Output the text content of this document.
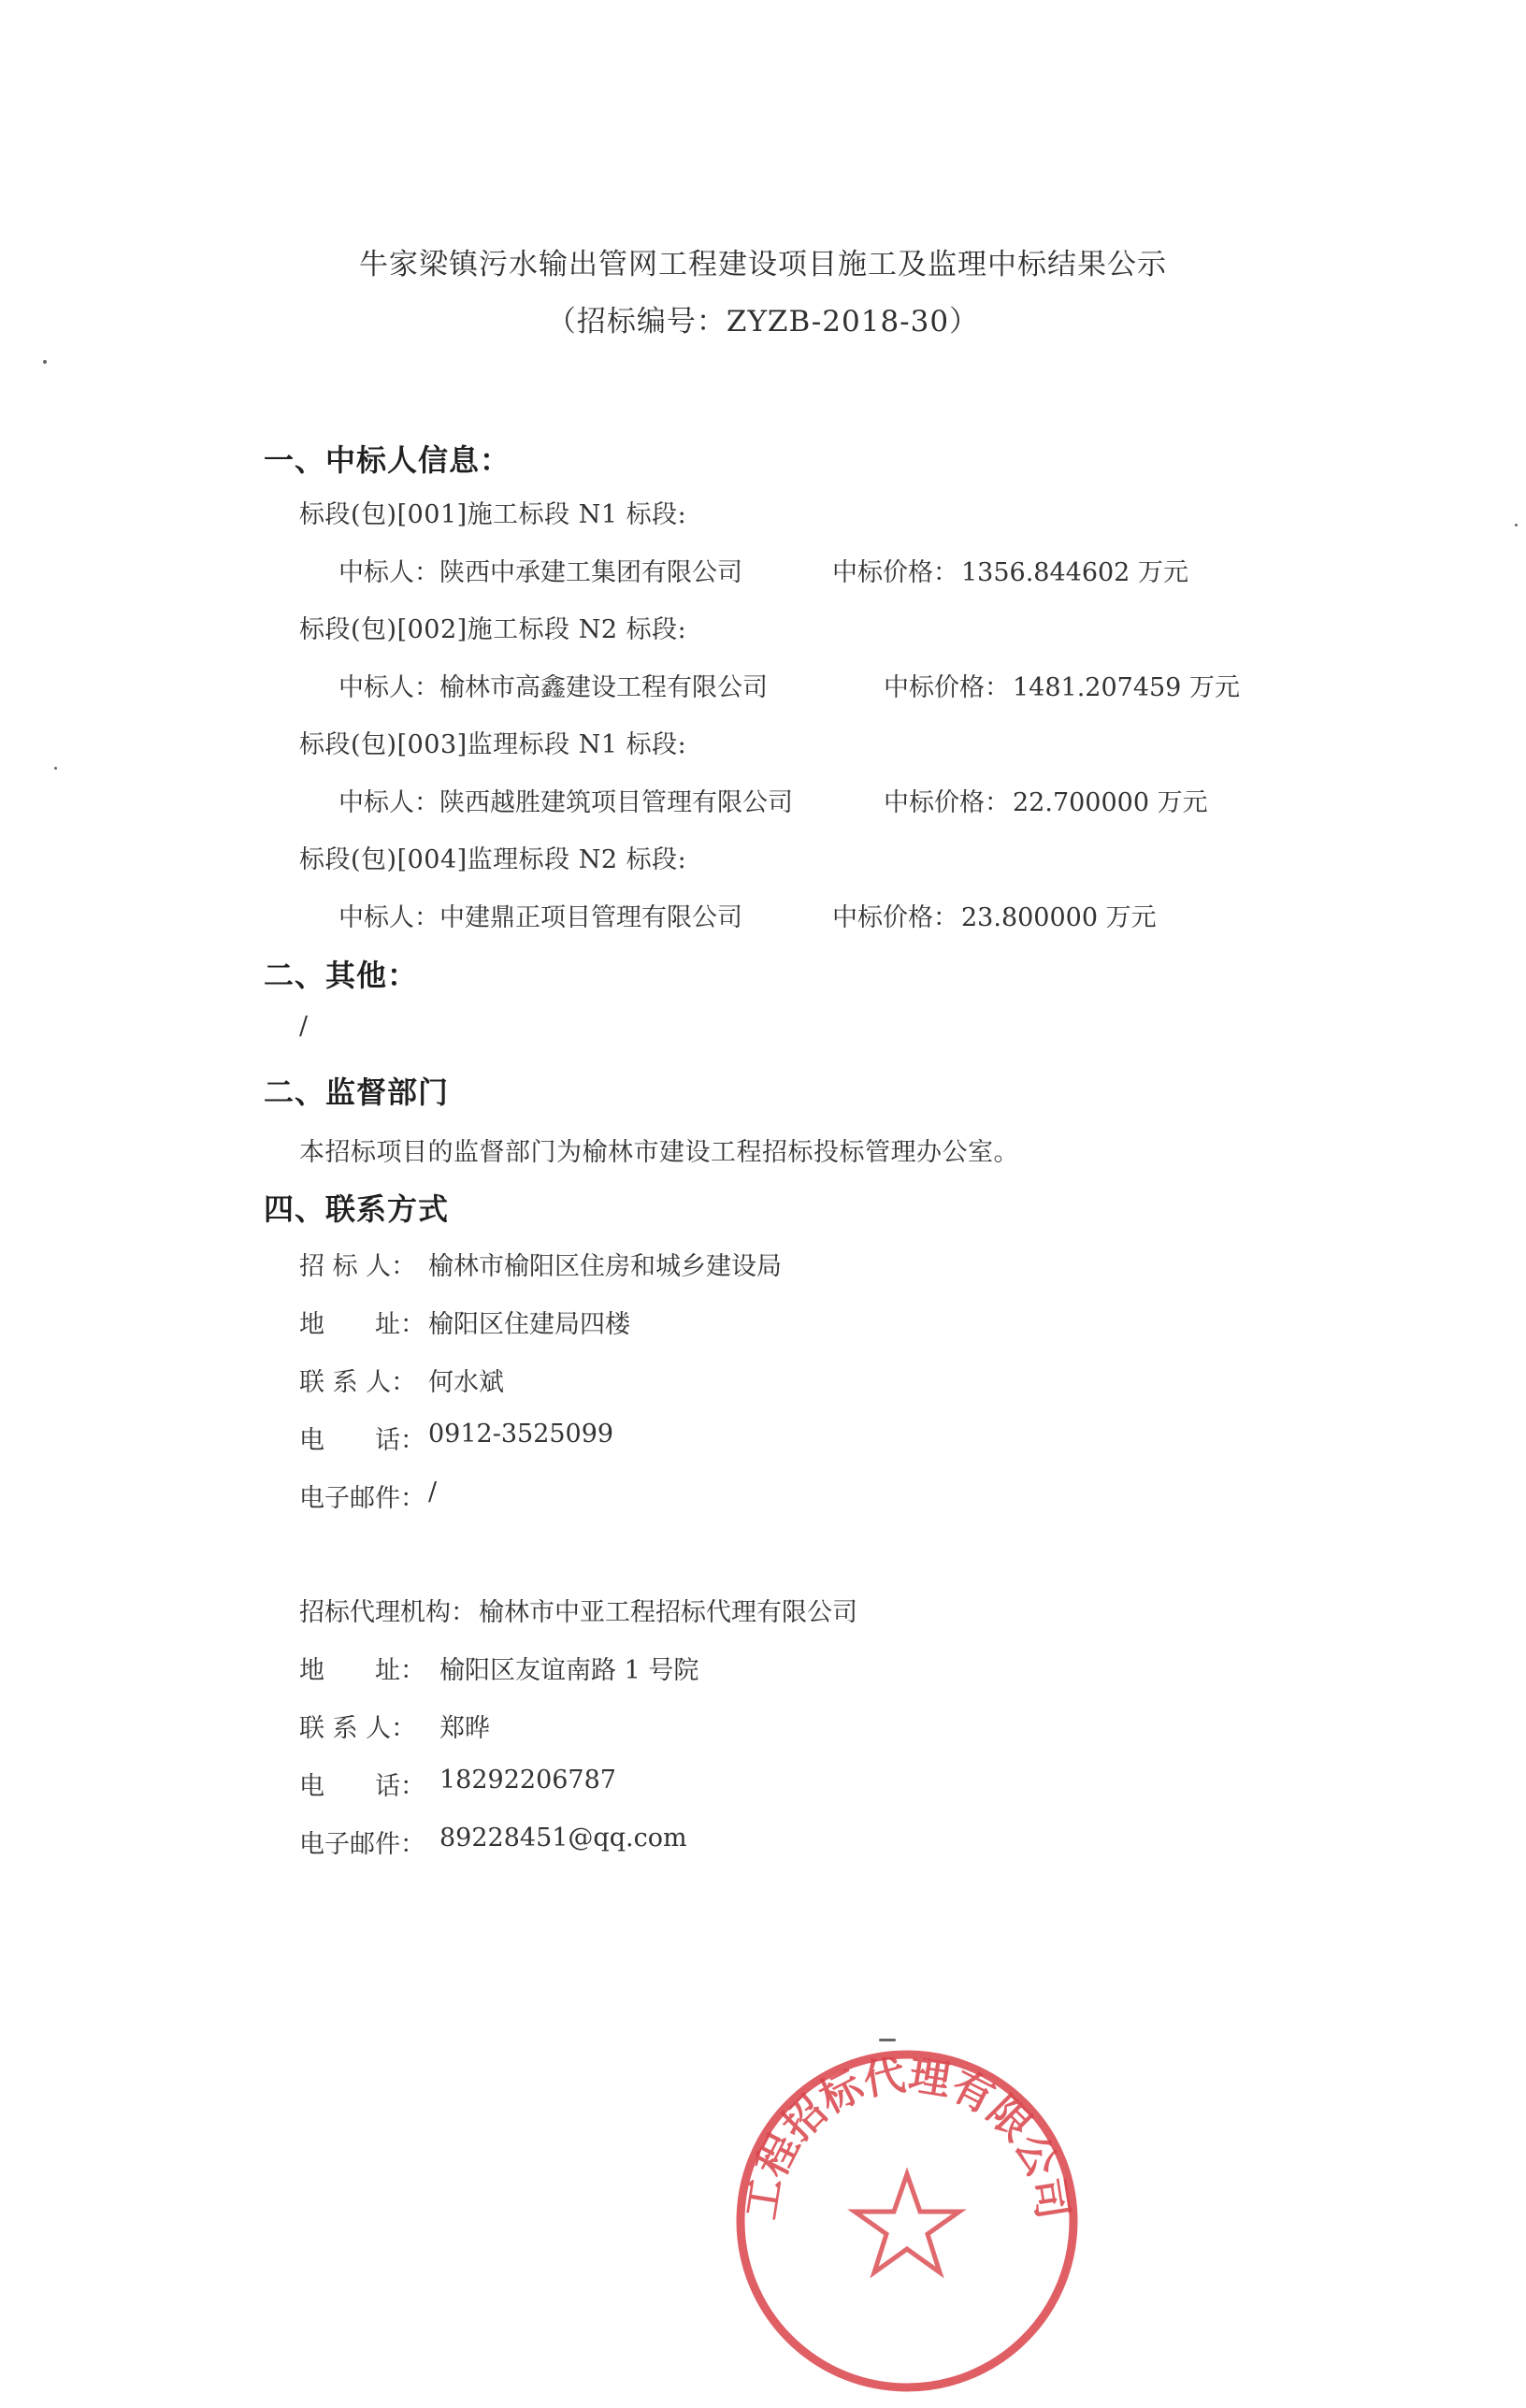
牛家梁镇污水输出管网工程建设项目施工及监理中标结果公示
（招标编号：ZYZB-2018-30）
一、中标人信息：
标段(包)[001]施工标段 N1 标段:
中标人： 陕西中承建工集团有限公司	中标价格： 1356.844602 万元
标段(包)[002]施工标段 N2 标段:
中标人： 榆林市高鑫建设工程有限公司	中标价格： 1481.207459 万元
标段(包)[003]监理标段 N1 标段:
中标人： 陕西越胜建筑项目管理有限公司	中标价格： 22.700000 万元
标段(包)[004]监理标段 N2 标段:
中标人： 中建鼎正项目管理有限公司	中标价格： 23.800000 万元
二、其他：
/
二、监督部门
本招标项目的监督部门为榆林市建设工程招标投标管理办公室。
四、联系方式
招 标 人： 榆林市榆阳区住房和城乡建设局
地　　址： 榆阳区住建局四楼
联 系 人： 何水斌
电　　话： 0912-3525099
电子邮件： /
招标代理机构： 榆林市中亚工程招标代理有限公司
地　　址： 榆阳区友谊南路 1 号院
联 系 人： 郑晔
电　　话： 18292206787
电子邮件： 89228451@qq.com
工程招标代理有限公司
